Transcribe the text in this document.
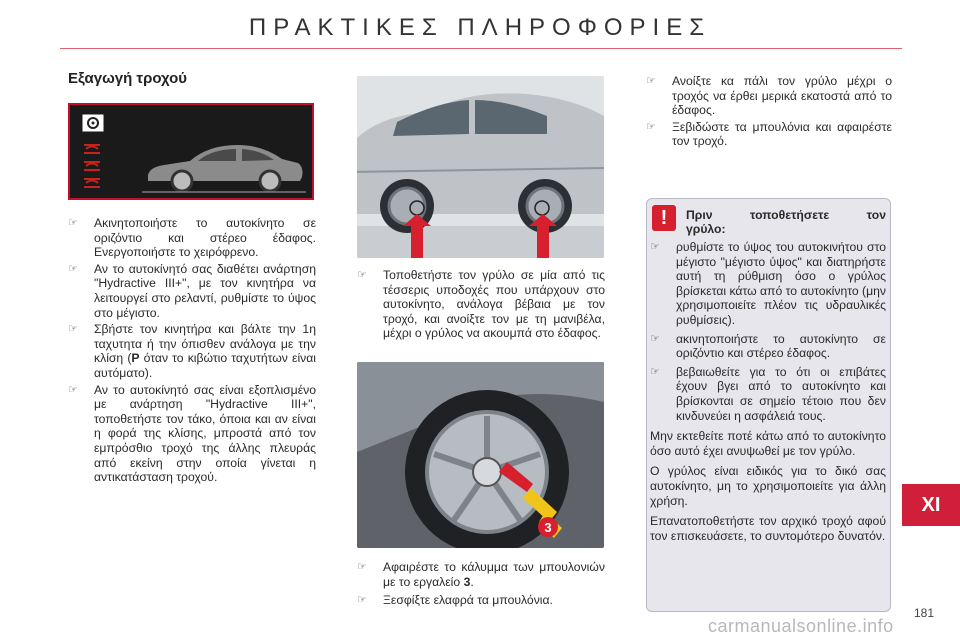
ΠΡΑΚΤΙΚΕΣ ΠΛΗΡΟΦΟΡΙΕΣ
Εξαγωγή τροχού
☞	Ακινητοποιήστε το αυτοκίνητο σε οριζόντιο και στέρεο έδαφος. Ενεργοποιήστε το χειρόφρενο.
☞	Αν το αυτοκίνητό σας διαθέτει ανάρτηση "Hydractive III+", με τον κινητήρα να λειτουργεί στο ρελαντί, ρυθμίστε το ύψος στο μέγιστο.
☞	Σβήστε τον κινητήρα και βάλτε την 1η ταχυτητα ή την όπισθεν ανάλογα με την κλίση (P όταν το κιβώτιο ταχυτήτων είναι αυτόματο).
☞	Αν το αυτοκίνητό σας είναι εξοπλισμένο με ανάρτηση "Hydractive III+", τοποθετήστε τον τάκο, όποια και αν είναι η φορά της κλίσης, μπροστά από τον εμπρόσθιο τροχό της άλλης πλευράς από εκείνη στην οποία γίνεται η αντικατάσταση τροχού.
☞	Τοποθετήστε τον γρύλο σε μία από τις τέσσερις υποδοχές που υπάρχουν στο αυτοκίνητο, ανάλογα βέβαια με τον τροχό, και ανοίξτε τον με τη μανιβέλα, μέχρι ο γρύλος να ακουμπά στο έδαφος.
3
☞	Αφαιρέστε το κάλυμμα των μπουλονιών με το εργαλείο 3.
☞	Ξεσφίξτε ελαφρά τα μπουλόνια.
☞	Ανοίξτε κα πάλι τον γρύλο μέχρι ο τροχός να έρθει μερικά εκατοστά από το έδαφος.
☞	Ξεβιδώστε τα μπουλόνια και αφαιρέστε τον τροχό.
!	Πριν τοποθετήσετε τον
γρύλο:
☞	ρυθμίστε το ύψος του αυτοκινήτου στο μέγιστο "μέγιστο ύψος" και διατηρήστε αυτή τη ρύθμιση όσο ο γρύλος βρίσκεται κάτω από το αυτοκίνητο (μην χρησιμοποιείτε πλέον τις υδραυλικές ρυθμίσεις).
☞	ακινητοποιήστε το αυτοκίνητο σε οριζόντιο και στέρεο έδαφος.
☞	βεβαιωθείτε για το ότι οι επιβάτες έχουν βγει από το αυτοκίνητο και βρίσκονται σε σημείο τέτοιο που δεν κινδυνεύει η ασφάλειά τους.

Μην εκτεθείτε ποτέ κάτω από το αυτοκίνητο όσο αυτό έχει ανυψωθεί με τον γρύλο.

Ο γρύλος είναι ειδικός για το δικό σας αυτοκίνητο, μη το χρησιμοποιείτε για άλλη χρήση.

Επανατοποθετήστε τον αρχικό τροχό αφού τον επισκευάσετε, το συντομότερο δυνατόν.

XI
181
carmanualsonline.info
